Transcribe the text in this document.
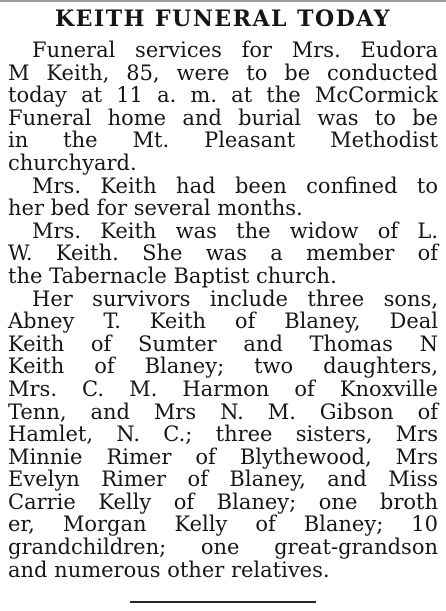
KEITH FUNERAL TODAY
Funeral services for Mrs. Eudora
M Keith, 85, were to be conducted
today at 11 a. m. at the McCormick
Funeral home and burial was to be
in the Mt. Pleasant Methodist
churchyard.
Mrs. Keith had been confined to
her bed for several months.
Mrs. Keith was the widow of L.
W. Keith. She was a member of
the Tabernacle Baptist church.
Her survivors include three sons,
Abney T. Keith of Blaney, Deal
Keith of Sumter and Thomas N
Keith of Blaney; two daughters,
Mrs. C. M. Harmon of Knoxville
Tenn, and Mrs N. M. Gibson of
Hamlet, N. C.; three sisters, Mrs
Minnie Rimer of Blythewood, Mrs
Evelyn Rimer of Blaney, and Miss
Carrie Kelly of Blaney; one broth
er, Morgan Kelly of Blaney; 10
grandchildren; one great-grandson
and numerous other relatives.
